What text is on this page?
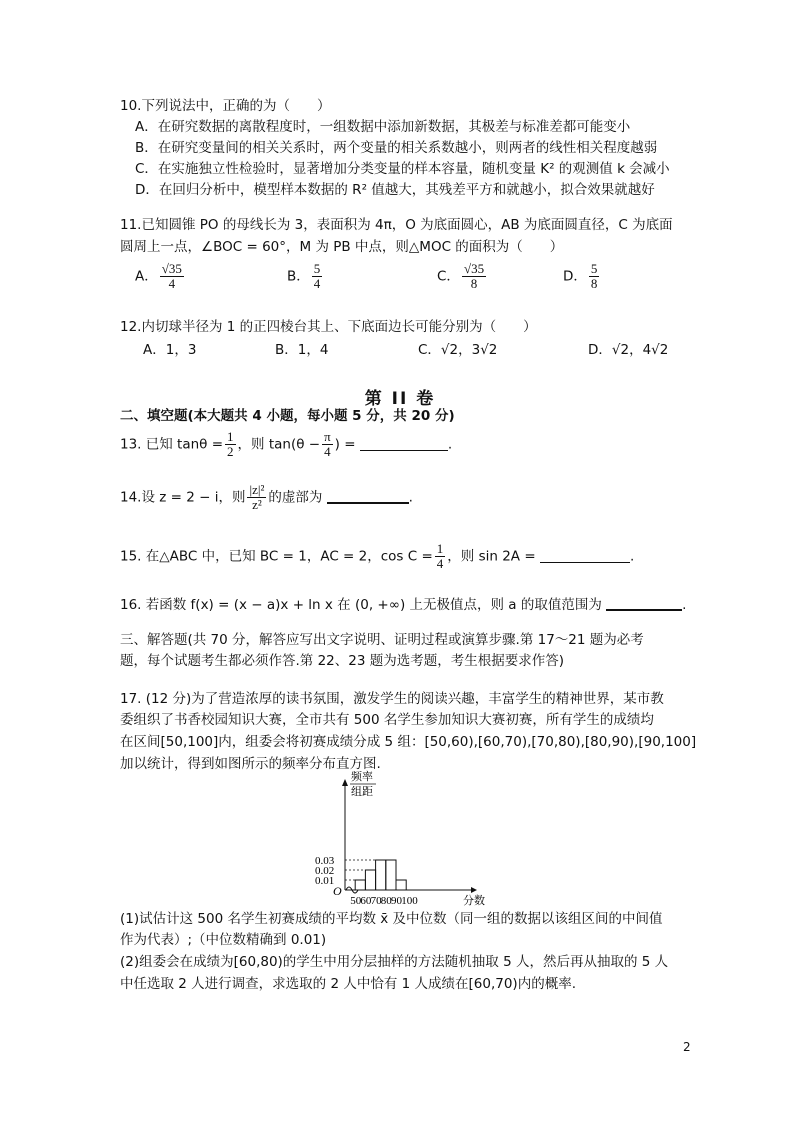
10.下列说法中，正确的为（　　）
A．在研究数据的离散程度时，一组数据中添加新数据，其极差与标准差都可能变小
B．在研究变量间的相关关系时，两个变量的相关系数越小，则两者的线性相关程度越弱
C．在实施独立性检验时，显著增加分类变量的样本容量，随机变量 K² 的观测值 k 会减小
D．在回归分析中，模型样本数据的 R² 值越大，其残差平方和就越小，拟合效果就越好
11.已知圆锥 PO 的母线长为 3，表面积为 4π，O 为底面圆心，AB 为底面圆直径，C 为底面
圆周上一点，∠BOC = 60°，M 为 PB 中点，则△MOC 的面积为（　　）
A． $\frac{√35}{4}$	B． $\frac{5}{4}$	C． $\frac{√35}{8}$	D． $\frac{5}{8}$
12.内切球半径为 1 的正四棱台其上、下底面边长可能分别为（　　）
A．1，3	B．1，4	C．√2，3√2	D．√2，4√2
第 II 卷
二、填空题(本大题共 4 小题，每小题 5 分，共 20 分)
13. 已知 $\tan\theta = \frac{1}{2}$ ，则 $\tan(\theta - \frac{\pi}{4}$ ) =	.
14.设 z = 2 − i，则 $\frac{\text{|z|²}}{\text{z²}}$ 的虚部为	.
15. 在△ABC 中，已知 BC = 1，AC = 2，$\cos C = \frac{1}{4}$ ，则 sin 2A =	.
16. 若函数 f(x) = (x − a)x + ln x 在 (0, +∞) 上无极值点，则 a 的取值范围为	.
三、解答题(共 70 分，解答应写出文字说明、证明过程或演算步骤.第 17～21 题为必考
题，每个试题考生都必须作答.第 22、23 题为选考题，考生根据要求作答)
17. (12 分)为了营造浓厚的读书氛围，激发学生的阅读兴趣，丰富学生的精神世界，某市教
委组织了书香校园知识大赛，全市共有 500 名学生参加知识大赛初赛，所有学生的成绩均
在区间[50,100]内，组委会将初赛成绩分成 5 组：[50,60),[60,70),[70,80),[80,90),[90,100]
加以统计，得到如图所示的频率分布直方图.
O
频率
组距
0.01
0.02
0.03
50 60 70 80 90 100	分数
(1)试估计这 500 名学生初赛成绩的平均数 x̄ 及中位数（同一组的数据以该组区间的中间值
作为代表）;（中位数精确到 0.01)
(2)组委会在成绩为[60,80)的学生中用分层抽样的方法随机抽取 5 人，然后再从抽取的 5 人
中任选取 2 人进行调查，求选取的 2 人中恰有 1 人成绩在[60,70)内的概率.
2
